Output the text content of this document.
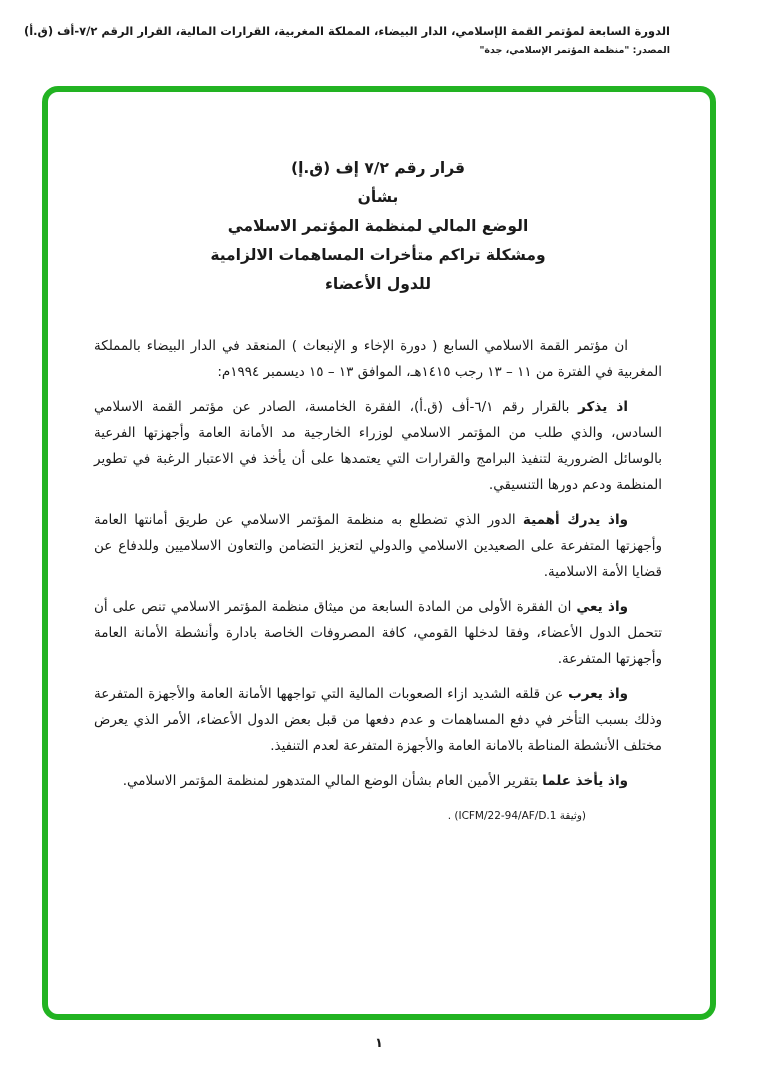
الدورة السابعة لمؤتمر القمة الإسلامي، الدار البيضاء، المملكة المغربية، القرارات المالية، القرار الرقم ٧/٢-أف (ق.أ)
المصدر: "منظمة المؤتمر الإسلامي، جدة"
قرار رقم ٧/٢ إف (ق.إ)
بشأن
الوضع المالي لمنظمة المؤتمر الاسلامي
ومشكلة تراكم متأخرات المساهمات الالزامية
للدول الأعضاء

ان مؤتمر القمة الاسلامي السابع ( دورة الإخاء و الإنبعاث ) المنعقد في الدار البيضاء بالمملكة المغربية في الفترة من ١١ – ١٣ رجب ١٤١٥هـ، الموافق ١٣ – ١٥ ديسمبر ١٩٩٤م:

اذ يذكر بالقرار رقم ٦/١-أف (ق.أ)، الفقرة الخامسة، الصادر عن مؤتمر القمة الاسلامي السادس، والذي طلب من المؤتمر الاسلامي لوزراء الخارجية مد الأمانة العامة وأجهزتها الفرعية بالوسائل الضرورية لتنفيذ البرامج والقرارات التي يعتمدها على أن يأخذ في الاعتبار الرغبة في تطوير المنظمة ودعم دورها التنسيقي.

واذ يدرك أهمية الدور الذي تضطلع به منظمة المؤتمر الاسلامي عن طريق أمانتها العامة وأجهزتها المتفرعة على الصعيدين الاسلامي والدولي لتعزيز التضامن والتعاون الاسلاميين وللدفاع عن قضايا الأمة الاسلامية.

واذ يعي ان الفقرة الأولى من المادة السابعة من ميثاق منظمة المؤتمر الاسلامي تنص على أن تتحمل الدول الأعضاء، وفقا لدخلها القومي، كافة المصروفات الخاصة بادارة وأنشطة الأمانة العامة وأجهزتها المتفرعة.

واذ يعرب عن قلقه الشديد ازاء الصعوبات المالية التي تواجهها الأمانة العامة والأجهزة المتفرعة وذلك بسبب التأخر في دفع المساهمات و عدم دفعها من قبل بعض الدول الأعضاء، الأمر الذي يعرض مختلف الأنشطة المناطة بالامانة العامة والأجهزة المتفرعة لعدم التنفيذ.

واذ يأخذ علما بتقرير الأمين العام بشأن الوضع المالي المتدهور لمنظمة المؤتمر الاسلامي.

(وثيقة ICFM/22-94/AF/D.1) .
١
